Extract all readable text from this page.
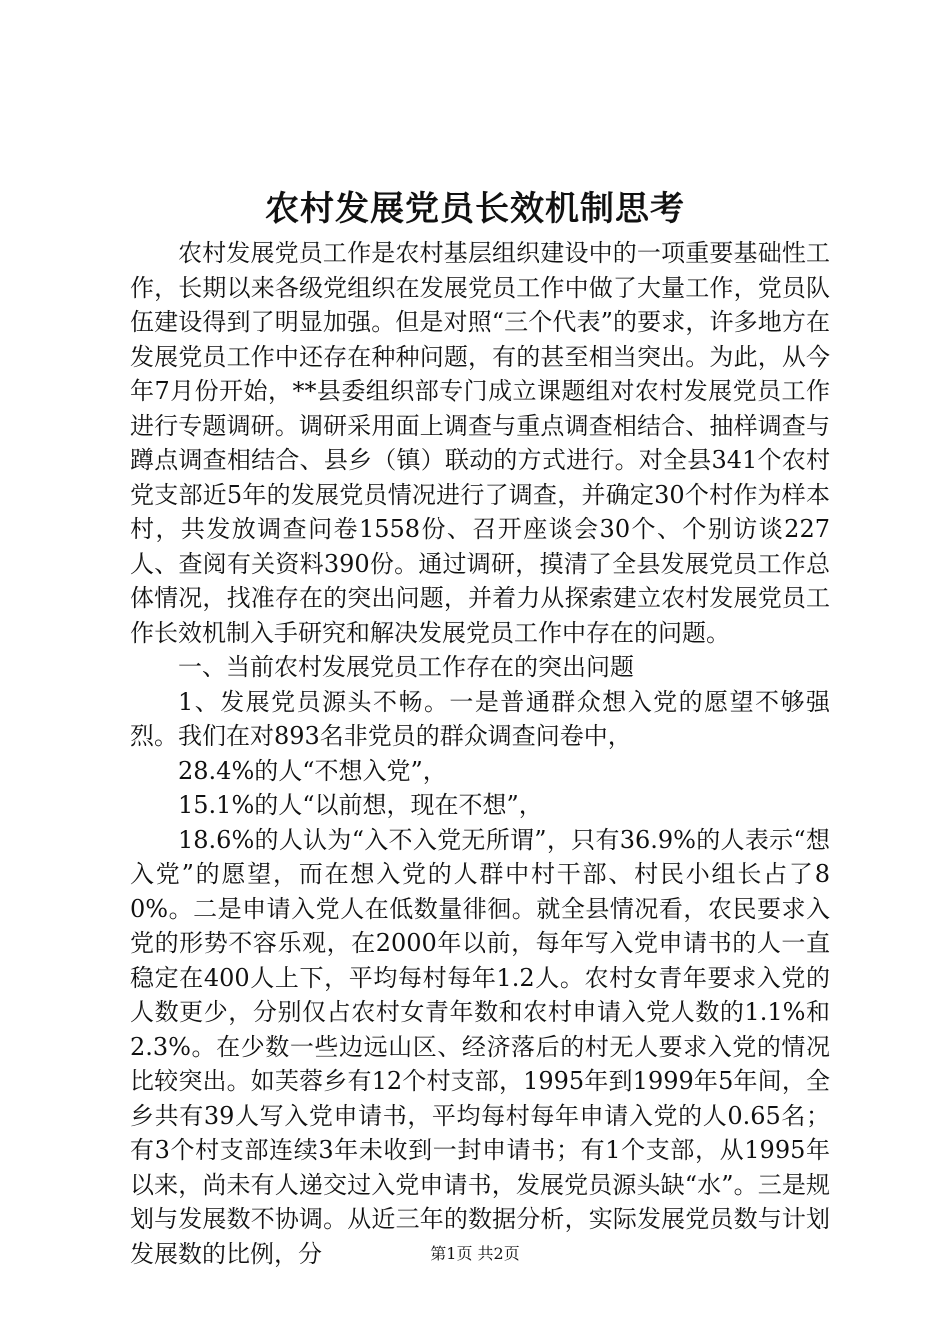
农村发展党员长效机制思考

农村发展党员工作是农村基层组织建设中的一项重要基础性工作，长期以来各级党组织在发展党员工作中做了大量工作，党员队伍建设得到了明显加强。但是对照“三个代表”的要求，许多地方在发展党员工作中还存在种种问题，有的甚至相当突出。为此，从今年7月份开始，**县委组织部专门成立课题组对农村发展党员工作进行专题调研。调研采用面上调查与重点调查相结合、抽样调查与蹲点调查相结合、县乡（镇）联动的方式进行。对全县341个农村党支部近5年的发展党员情况进行了调查，并确定30个村作为样本村，共发放调查问卷1558份、召开座谈会30个、个别访谈227人、查阅有关资料390份。通过调研，摸清了全县发展党员工作总体情况，找准存在的突出问题，并着力从探索建立农村发展党员工作长效机制入手研究和解决发展党员工作中存在的问题。

一、当前农村发展党员工作存在的突出问题

1、发展党员源头不畅。一是普通群众想入党的愿望不够强烈。我们在对893名非党员的群众调查问卷中，

28.4%的人“不想入党”，

15.1%的人“以前想，现在不想”，

18.6%的人认为“入不入党无所谓”，只有36.9%的人表示“想入党”的愿望，而在想入党的人群中村干部、村民小组长占了80%。二是申请入党人在低数量徘徊。就全县情况看，农民要求入党的形势不容乐观，在2000年以前，每年写入党申请书的人一直稳定在400人上下，平均每村每年1.2人。农村女青年要求入党的人数更少，分别仅占农村女青年数和农村申请入党人数的1.1%和2.3%。在少数一些边远山区、经济落后的村无人要求入党的情况比较突出。如芙蓉乡有12个村支部，1995年到1999年5年间，全乡共有39人写入党申请书，平均每村每年申请入党的人0.65名；有3个村支部连续3年未收到一封申请书；有1个支部，从1995年以来，尚未有人递交过入党申请书，发展党员源头缺“水”。三是规划与发展数不协调。从近三年的数据分析，实际发展党员数与计划发展数的比例，分	第1页 共2页
